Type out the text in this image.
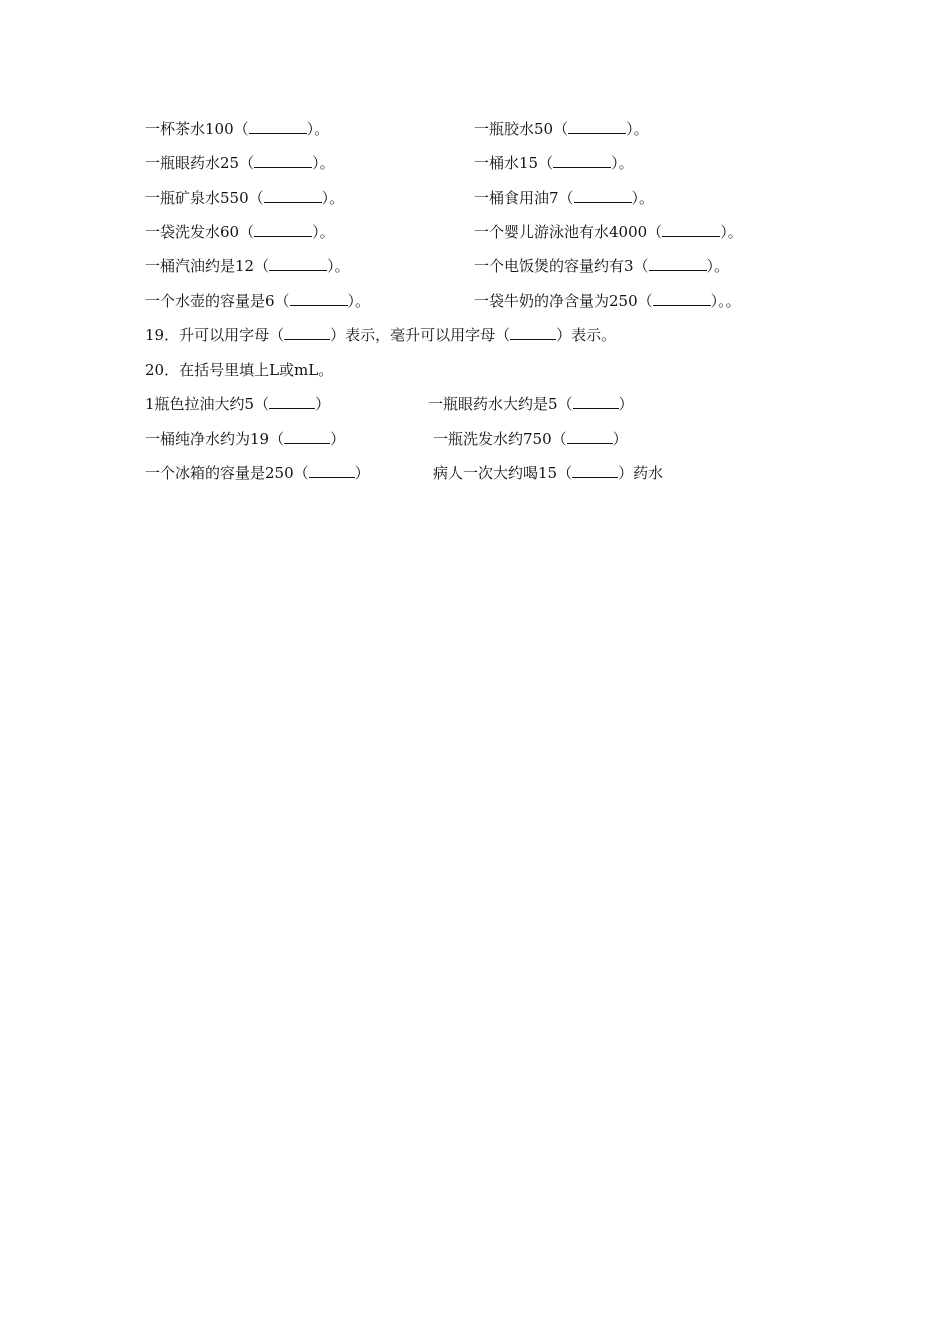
一杯茶水100（	）。	一瓶胶水50（	）。
一瓶眼药水25（	）。	一桶水15（	）。
一瓶矿泉水550（	）。	一桶食用油7（	）。
一袋洗发水60（	）。	一个婴儿游泳池有水4000（	）。
一桶汽油约是12（	）。	一个电饭煲的容量约有3（	）。
一个水壶的容量是6（	）。	一袋牛奶的净含量为250（	）。。
19．升可以用字母（	）表示，毫升可以用字母（	）表示。
20．在括号里填上L或mL。
1瓶色拉油大约5（	）	一瓶眼药水大约是5（	）
一桶纯净水约为19（	）	一瓶洗发水约750（	）
一个冰箱的容量是250（	）	病人一次大约喝15（	）药水
